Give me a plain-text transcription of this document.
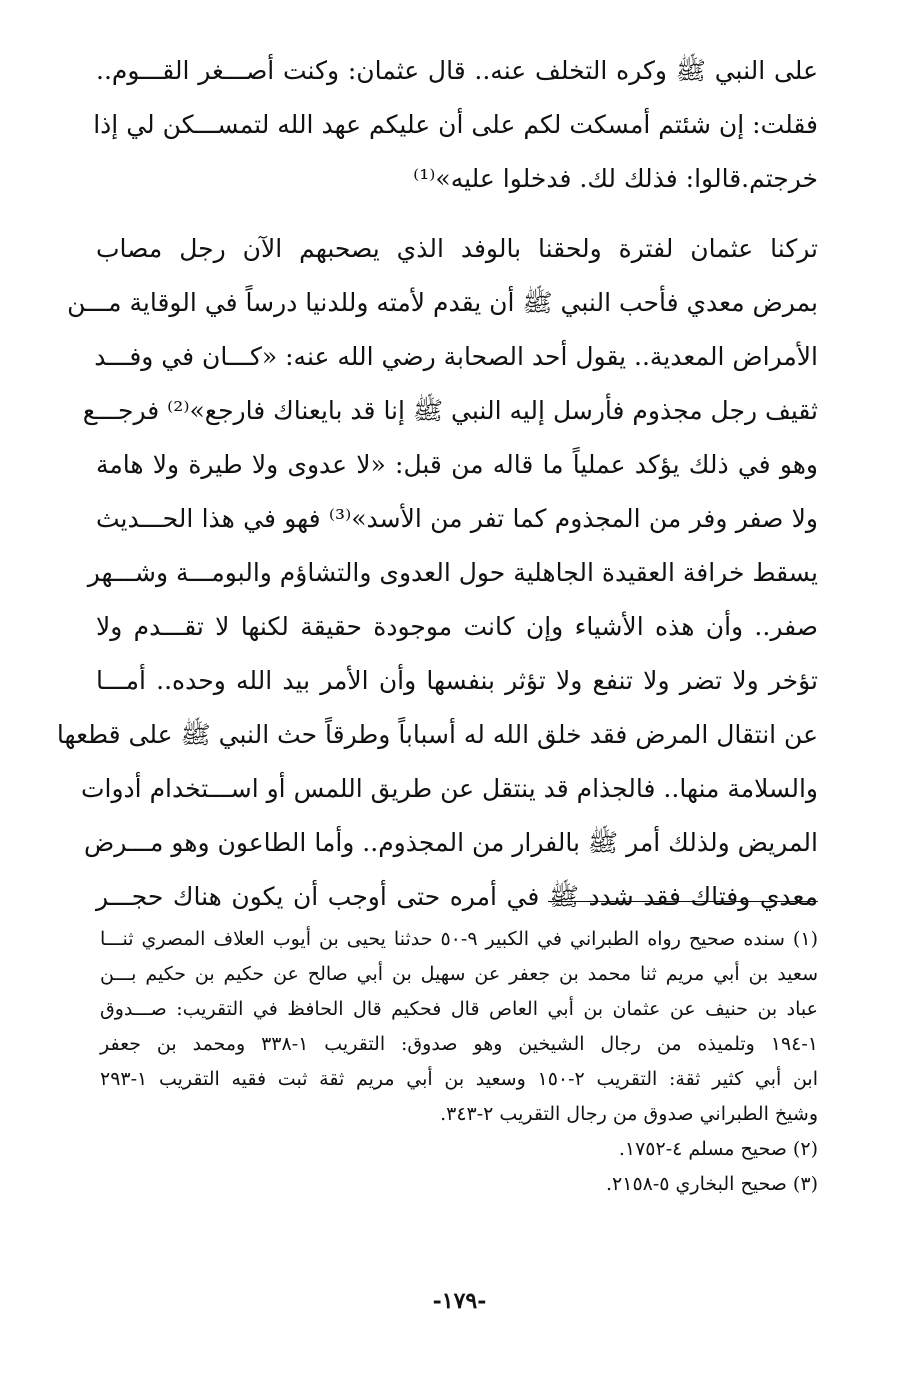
على النبي ﷺ وكره التخلف عنه.. قال عثمان: وكنت أصـــغر القـــوم..
فقلت: إن شئتم أمسكت لكم على أن عليكم عهد الله لتمســـكن لي إذا
خرجتم.قالوا: فذلك لك. فدخلوا عليه»⁽¹⁾
تركنا عثمان لفترة ولحقنا بالوفد الذي يصحبهم الآن رجل مصاب
بمرض معدي فأحب النبي ﷺ أن يقدم لأمته وللدنيا درساً في الوقاية مـــن
الأمراض المعدية.. يقول أحد الصحابة رضي الله عنه: «كـــان في وفـــد
ثقيف رجل مجذوم فأرسل إليه النبي ﷺ إنا قد بايعناك فارجع»⁽²⁾ فرجـــع
وهو في ذلك يؤكد عملياً ما قاله من قبل: «لا عدوى ولا طيرة ولا هامة
ولا صفر وفر من المجذوم كما تفر من الأسد»⁽³⁾ فهو في هذا الحـــديث
يسقط خرافة العقيدة الجاهلية حول العدوى والتشاؤم والبومـــة وشـــهر
صفر.. وأن هذه الأشياء وإن كانت موجودة حقيقة لكنها لا تقـــدم ولا
تؤخر ولا تضر ولا تنفع ولا تؤثر بنفسها وأن الأمر بيد الله وحده.. أمـــا
عن انتقال المرض فقد خلق الله له أسباباً وطرقاً حث النبي ﷺ على قطعها
والسلامة منها.. فالجذام قد ينتقل عن طريق اللمس أو اســـتخدام أدوات
المريض ولذلك أمر ﷺ بالفرار من المجذوم.. وأما الطاعون وهو مـــرض
معدي وفتاك فقد شدد ﷺ في أمره حتى أوجب أن يكون هناك حجـــر
(١) سنده صحيح رواه الطبراني في الكبير ٩-٥٠ حدثنا يحيى بن أيوب العلاف المصري ثنـــا
سعيد بن أبي مريم ثنا محمد بن جعفر عن سهيل بن أبي صالح عن حكيم بن حكيم بـــن
عباد بن حنيف عن عثمان بن أبي العاص قال فحكيم قال الحافظ في التقريب: صـــدوق
١-١٩٤ وتلميذه من رجال الشيخين وهو صدوق: التقريب ١-٣٣٨ ومحمد بن جعفر
ابن أبي كثير ثقة: التقريب ٢-١٥٠ وسعيد بن أبي مريم ثقة ثبت فقيه التقريب ١-٢٩٣
وشيخ الطبراني صدوق من رجال التقريب ٢-٣٤٣.
(٢) صحيح مسلم ٤-١٧٥٢.
(٣) صحيح البخاري ٥-٢١٥٨.
-١٧٩-
